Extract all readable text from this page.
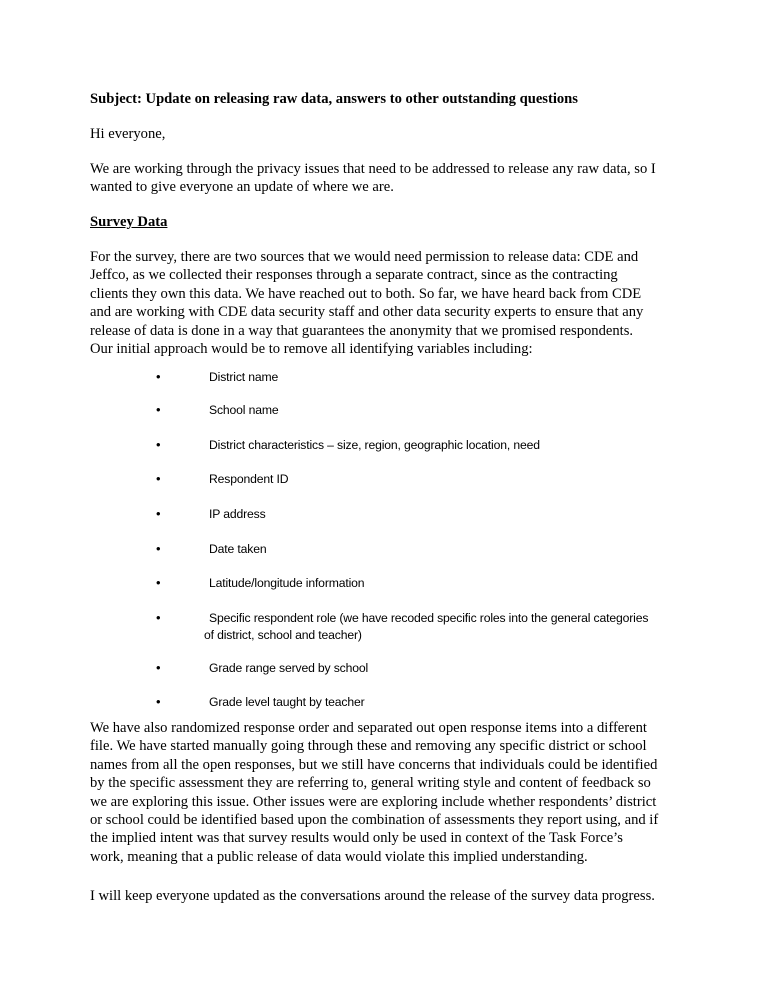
Subject: Update on releasing raw data, answers to other outstanding questions
Hi everyone,
We are working through the privacy issues that need to be addressed to release any raw data, so I
wanted to give everyone an update of where we are.
Survey Data
For the survey, there are two sources that we would need permission to release data: CDE and
Jeffco, as we collected their responses through a separate contract, since as the contracting
clients they own this data. We have reached out to both. So far, we have heard back from CDE
and are working with CDE data security staff and other data security experts to ensure that any
release of data is done in a way that guarantees the anonymity that we promised respondents.
Our initial approach would be to remove all identifying variables including:
•	District name
•	School name
•	District characteristics – size, region, geographic location, need
•	Respondent ID
•	IP address
•	Date taken
•	Latitude/longitude information
•	Specific respondent role (we have recoded specific roles into the general categories
of district, school and teacher)
•	Grade range served by school
•	Grade level taught by teacher
We have also randomized response order and separated out open response items into a different
file. We have started manually going through these and removing any specific district or school
names from all the open responses, but we still have concerns that individuals could be identified
by the specific assessment they are referring to, general writing style and content of feedback so
we are exploring this issue. Other issues were are exploring include whether respondents’ district
or school could be identified based upon the combination of assessments they report using, and if
the implied intent was that survey results would only be used in context of the Task Force’s
work, meaning that a public release of data would violate this implied understanding.
I will keep everyone updated as the conversations around the release of the survey data progress.
